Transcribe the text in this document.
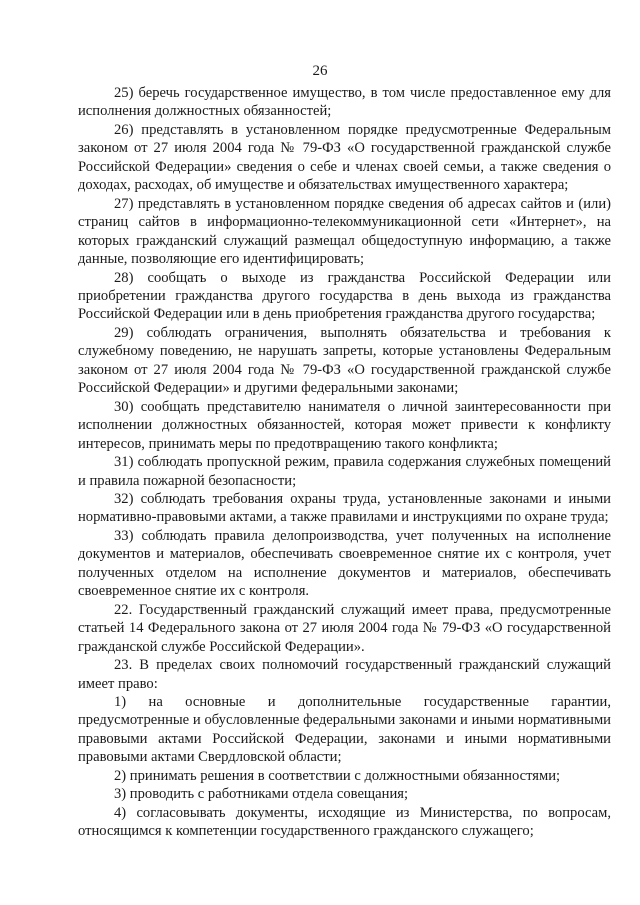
26

25) беречь государственное имущество, в том числе предоставленное ему для исполнения должностных обязанностей;

26) представлять в установленном порядке предусмотренные Федеральным законом от 27 июля 2004 года № 79-ФЗ «О государственной гражданской службе Российской Федерации» сведения о себе и членах своей семьи, а также сведения о доходах, расходах, об имуществе и обязательствах имущественного характера;

27) представлять в установленном порядке сведения об адресах сайтов и (или) страниц сайтов в информационно-телекоммуникационной сети «Интернет», на которых гражданский служащий размещал общедоступную информацию, а также данные, позволяющие его идентифицировать;

28) сообщать о выходе из гражданства Российской Федерации или приобретении гражданства другого государства в день выхода из гражданства Российской Федерации или в день приобретения гражданства другого государства;

29) соблюдать ограничения, выполнять обязательства и требования к служебному поведению, не нарушать запреты, которые установлены Федеральным законом от 27 июля 2004 года № 79-ФЗ «О государственной гражданской службе Российской Федерации» и другими федеральными законами;

30) сообщать представителю нанимателя о личной заинтересованности при исполнении должностных обязанностей, которая может привести к конфликту интересов, принимать меры по предотвращению такого конфликта;

31) соблюдать пропускной режим, правила содержания служебных помещений и правила пожарной безопасности;

32) соблюдать требования охраны труда, установленные законами и иными нормативно-правовыми актами, а также правилами и инструкциями по охране труда;

33) соблюдать правила делопроизводства, учет полученных на исполнение документов и материалов, обеспечивать своевременное снятие их с контроля, учет полученных отделом на исполнение документов и материалов, обеспечивать своевременное снятие их с контроля.

22. Государственный гражданский служащий имеет права, предусмотренные статьей 14 Федерального закона от 27 июля 2004 года № 79-ФЗ «О государственной гражданской службе Российской Федерации».

23. В пределах своих полномочий государственный гражданский служащий имеет право:

1) на основные и дополнительные государственные гарантии, предусмотренные и обусловленные федеральными законами и иными нормативными правовыми актами Российской Федерации, законами и иными нормативными правовыми актами Свердловской области;

2) принимать решения в соответствии с должностными обязанностями;

3) проводить с работниками отдела совещания;

4) согласовывать документы, исходящие из Министерства, по вопросам, относящимся к компетенции государственного гражданского служащего;
